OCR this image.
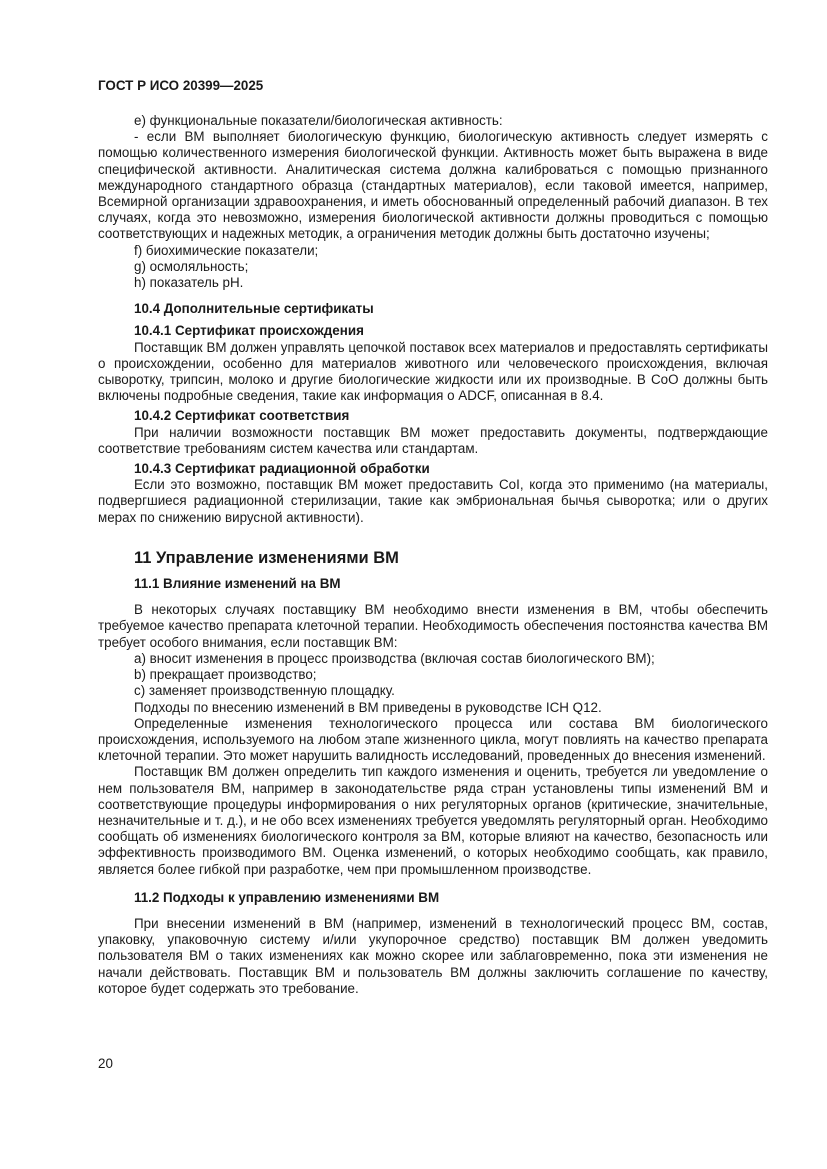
ГОСТ Р ИСО 20399—2025

e) функциональные показатели/биологическая активность:

- если ВМ выполняет биологическую функцию, биологическую активность следует измерять с помощью количественного измерения биологической функции. Активность может быть выражена в виде специфической активности. Аналитическая система должна калиброваться с помощью признанного международного стандартного образца (стандартных материалов), если таковой имеется, например, Всемирной организации здравоохранения, и иметь обоснованный определенный рабочий диапазон. В тех случаях, когда это невозможно, измерения биологической активности должны проводиться с помощью соответствующих и надежных методик, а ограничения методик должны быть достаточно изучены;

f) биохимические показатели;

g) осмоляльность;

h) показатель pH.

10.4 Дополнительные сертификаты
10.4.1 Сертификат происхождения

Поставщик ВМ должен управлять цепочкой поставок всех материалов и предоставлять сертификаты о происхождении, особенно для материалов животного или человеческого происхождения, включая сыворотку, трипсин, молоко и другие биологические жидкости или их производные. В CoO должны быть включены подробные сведения, такие как информация о ADCF, описанная в 8.4.

10.4.2 Сертификат соответствия

При наличии возможности поставщик ВМ может предоставить документы, подтверждающие соответствие требованиям систем качества или стандартам.

10.4.3 Сертификат радиационной обработки

Если это возможно, поставщик ВМ может предоставить CoI, когда это применимо (на материалы, подвергшиеся радиационной стерилизации, такие как эмбриональная бычья сыворотка; или о других мерах по снижению вирусной активности).

11 Управление изменениями ВМ
11.1 Влияние изменений на ВМ

В некоторых случаях поставщику ВМ необходимо внести изменения в ВМ, чтобы обеспечить требуемое качество препарата клеточной терапии. Необходимость обеспечения постоянства качества ВМ требует особого внимания, если поставщик ВМ:

a) вносит изменения в процесс производства (включая состав биологического ВМ);

b) прекращает производство;

c) заменяет производственную площадку.

Подходы по внесению изменений в ВМ приведены в руководстве ICH Q12.

Определенные изменения технологического процесса или состава ВМ биологического происхождения, используемого на любом этапе жизненного цикла, могут повлиять на качество препарата клеточной терапии. Это может нарушить валидность исследований, проведенных до внесения изменений.

Поставщик ВМ должен определить тип каждого изменения и оценить, требуется ли уведомление о нем пользователя ВМ, например в законодательстве ряда стран установлены типы изменений ВМ и соответствующие процедуры информирования о них регуляторных органов (критические, значительные, незначительные и т. д.), и не обо всех изменениях требуется уведомлять регуляторный орган. Необходимо сообщать об изменениях биологического контроля за ВМ, которые влияют на качество, безопасность или эффективность производимого ВМ. Оценка изменений, о которых необходимо сообщать, как правило, является более гибкой при разработке, чем при промышленном производстве.

11.2 Подходы к управлению изменениями ВМ

При внесении изменений в ВМ (например, изменений в технологический процесс ВМ, состав, упаковку, упаковочную систему и/или укупорочное средство) поставщик ВМ должен уведомить пользователя ВМ о таких изменениях как можно скорее или заблаговременно, пока эти изменения не начали действовать. Поставщик ВМ и пользователь ВМ должны заключить соглашение по качеству, которое будет содержать это требование.

20
